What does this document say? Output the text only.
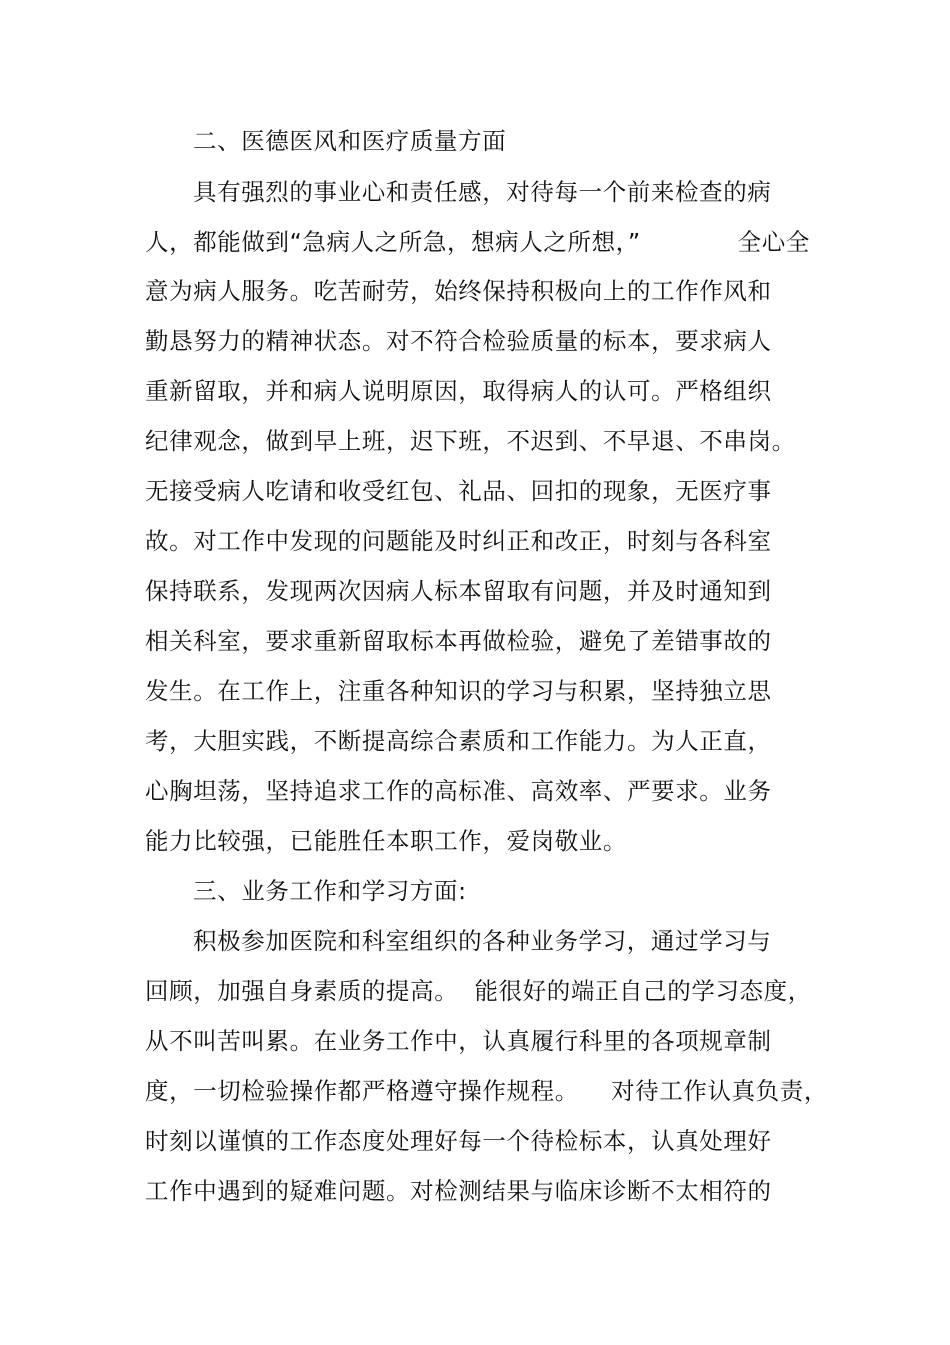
二、医德医风和医疗质量方面
具有强烈的事业心和责任感，对待每一个前来检查的病
人，都能做到“急病人之所急，想病人之所想，”            全心全
意为病人服务。吃苦耐劳，始终保持积极向上的工作作风和
勤恳努力的精神状态。对不符合检验质量的标本，要求病人
重新留取，并和病人说明原因，取得病人的认可。严格组织
纪律观念，做到早上班，迟下班，不迟到、不早退、不串岗。
无接受病人吃请和收受红包、礼品、回扣的现象，无医疗事
故。对工作中发现的问题能及时纠正和改正，时刻与各科室
保持联系，发现两次因病人标本留取有问题，并及时通知到
相关科室，要求重新留取标本再做检验，避免了差错事故的
发生。在工作上，注重各种知识的学习与积累，坚持独立思
考，大胆实践，不断提高综合素质和工作能力。为人正直，
心胸坦荡，坚持追求工作的高标准、高效率、严要求。业务
能力比较强，已能胜任本职工作，爱岗敬业。
三、业务工作和学习方面:
积极参加医院和科室组织的各种业务学习，通过学习与
回顾，加强自身素质的提高。  能很好的端正自己的学习态度，
从不叫苦叫累。在业务工作中，认真履行科里的各项规章制
度，一切检验操作都严格遵守操作规程。    对待工作认真负责，
时刻以谨慎的工作态度处理好每一个待检标本，认真处理好
工作中遇到的疑难问题。对检测结果与临床诊断不太相符的
